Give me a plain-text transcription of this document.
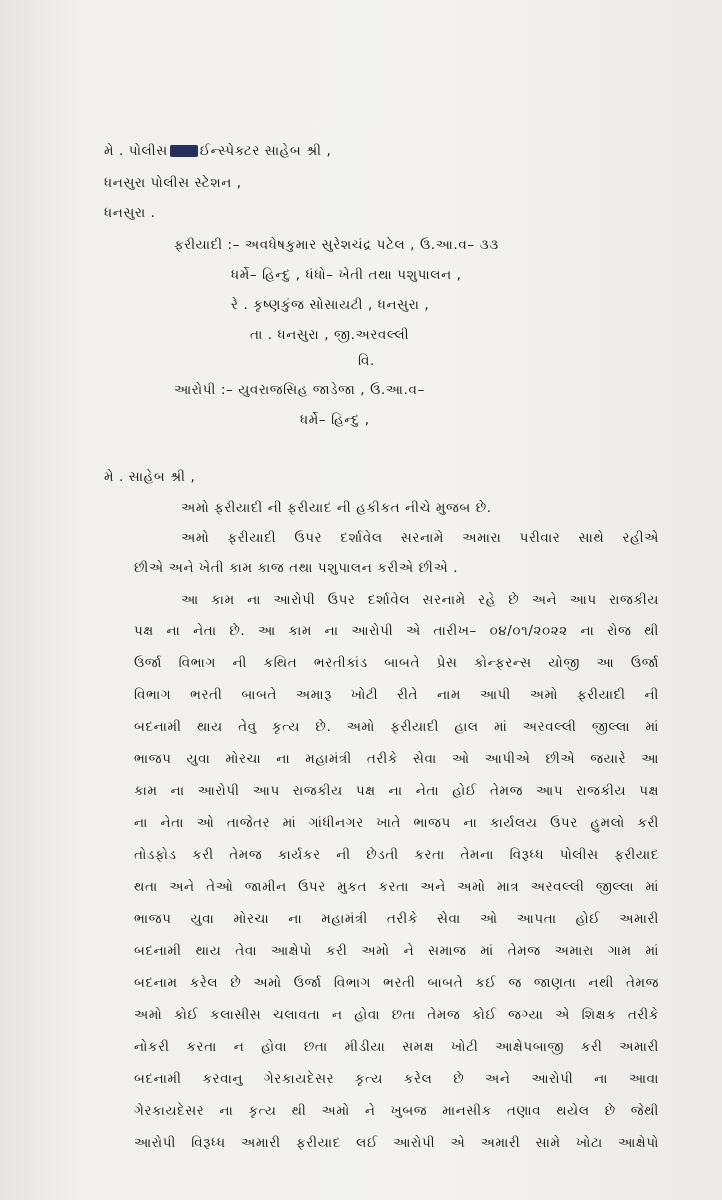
મે . પોલીસ ઈન્સ્પેક્ટર સાહેબ શ્રી ,
ધનસુરા પોલીસ સ્ટેશન ,
ધનસુરા .
ફરીયાદી :– અવધેષકુમાર સુરેશચંદ્ર પટેલ , ઉ.આ.વ– ૩૩
ધર્મે– હિન્દુ , ધંધો– ખેતી તથા પશુપાલન ,
રે . કૃષ્ણકુંજ સોસાયટી , ધનસુરા ,
તા . ધનસુરા , જી.અરવલ્લી
વિ.
આરોપી :– યુવરાજસિહ જાડેજા , ઉ.આ.વ–
ધર્મે– હિન્દુ ,
મે . સાહેબ શ્રી ,
અમો ફરીયાદી ની ફરીયાદ ની હકીકત નીચે મુજબ છે.
અમો ફરીયાદી ઉપર દર્શાવેલ સરનામે અમારા પરીવાર સાથે રહીએ
છીએ અને ખેતી કામ કાજ તથા પશુપાલન કરીએ છીએ .
આ કામ ના આરોપી ઉપર દર્શાવેલ સરનામે રહે છે અને આપ રાજકીય
પક્ષ ના નેતા છે. આ કામ ના આરોપી એ તારીખ– ૦૪/૦૧/૨૦૨૨ ના રોજ થી
ઉર્જા વિભાગ ની કથિત ભરતીકાંડ બાબતે પ્રેસ કોન્ફરન્સ યોજી આ ઉર્જા
વિભાગ ભરતી બાબતે અમારૂ ખોટી રીતે નામ આપી અમો ફરીયાદી ની
બદનામી થાય તેવુ કૃત્ય છે. અમો ફરીયાદી હાલ માં અરવલ્લી જીલ્લા માં
ભાજપ યુવા મોરચા ના મહામંત્રી તરીકે સેવા ઓ આપીએ છીએ જયારે આ
કામ ના આરોપી આપ રાજકીય પક્ષ ના નેતા હોઈ તેમજ આપ રાજકીય પક્ષ
ના નેતા ઓ તાજેતર માં ગાંધીનગર ખાતે ભાજપ ના કાર્યલય ઉપર હુમલો કરી
તોડફોડ કરી તેમજ કાર્યકર ની છેડતી કરતા તેમના વિરૂધ્ધ પોલીસ ફરીયાદ
થતા અને તેઓ જામીન ઉપર મુકત કરતા અને અમો માત્ર અરવલ્લી જીલ્લા માં
ભાજપ યુવા મોરચા ના મહામંત્રી તરીકે સેવા ઓ આપતા હોઈ અમારી
બદનામી થાય તેવા આક્ષેપો કરી અમો ને સમાજ માં તેમજ અમારા ગામ માં
બદનામ કરેલ છે અમો ઉર્જા વિભાગ ભરતી બાબતે કઈ જ જાણતા નથી તેમજ
અમો કોઈ કલાસીસ ચલાવતા ન હોવા છતા તેમજ કોઈ જગ્યા એ શિક્ષક તરીકે
નોકરી કરતા ન હોવા છતા મીડીયા સમક્ષ ખોટી આક્ષેપબાજી કરી અમારી
બદનામી કરવાનુ ગેરકાયદેસર કૃત્ય કરેલ છે અને આરોપી ના આવા
ગેરકાયદેસર ના કૃત્ય થી અમો ને ખુબજ માનસીક તણાવ થયેલ છે જેથી
આરોપી વિરૂધ્ધ અમારી ફરીયાદ લઈ આરોપી એ અમારી સામે ખોટા આક્ષેપો
